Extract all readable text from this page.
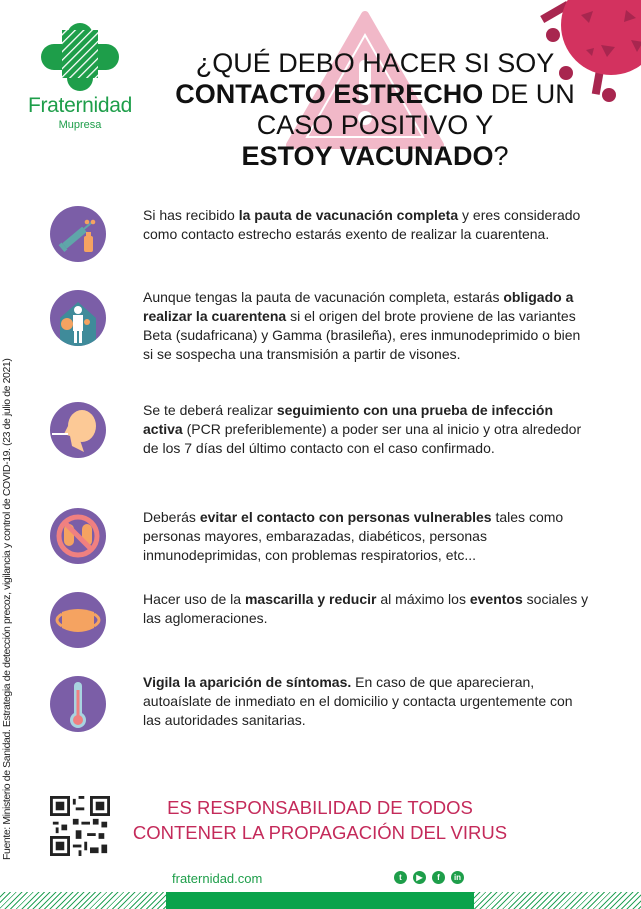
Fraternidad
Mupresa
¿QUÉ DEBO HACER SI SOY
CONTACTO ESTRECHO DE UN
CASO POSITIVO Y
ESTOY VACUNADO?
Si has recibido la pauta de vacunación completa y eres considerado como contacto estrecho estarás exento de realizar la cuarentena.
Aunque tengas la pauta de vacunación completa, estarás obligado a realizar la cuarentena si el origen del brote proviene de las variantes Beta (sudafricana) y Gamma (brasileña), eres inmunodeprimido o bien si se sospecha una transmisión a partir de visones.
Se te deberá realizar seguimiento con una prueba de infección activa (PCR preferiblemente) a poder ser una al inicio y otra alrededor de los 7 días del último contacto con el caso confirmado.
Deberás evitar el contacto con personas vulnerables tales como personas mayores, embarazadas, diabéticos, personas inmunodeprimidas, con problemas respiratorios, etc...
Hacer uso de la mascarilla y reducir al máximo los eventos sociales y las aglomeraciones.
Vigila la aparición de síntomas. En caso de que aparecieran, autoaíslate de inmediato en el domicilio y contacta urgentemente con las autoridades sanitarias.
Fuente: Ministerio de Sanidad. Estrategia de detección precoz, vigilancia y control de COVID-19. (23 de julio de 2021)	ES RESPONSABILIDAD DE TODOS
CONTENER LA PROPAGACIÓN DEL VIRUS
fraternidad.com	t	▶	f	in
